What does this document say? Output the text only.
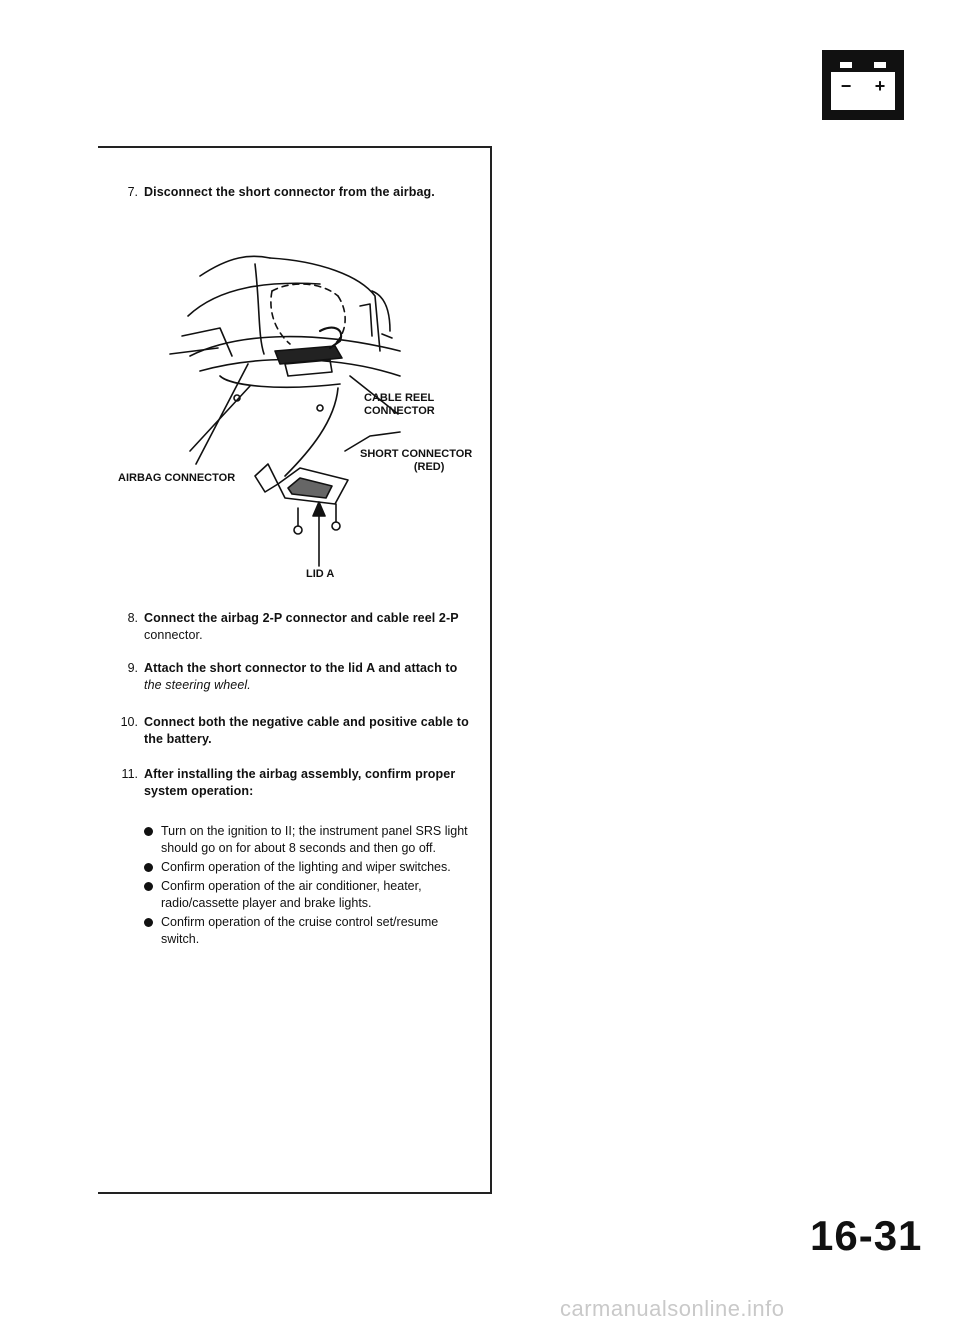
− +
7. Disconnect the short connector from the airbag.
CABLE REEL
CONNECTOR
SHORT CONNECTOR
(RED)
AIRBAG CONNECTOR
LID A
8. Connect the airbag 2-P connector and cable reel 2-P
connector.
9. Attach the short connector to the lid A and attach to
the steering wheel.
10. Connect both the negative cable and positive cable to
the battery.
11. After installing the airbag assembly, confirm proper
system operation:
Turn on the ignition to II; the instrument panel SRS light should go on for about 8 seconds and then go off.
Confirm operation of the lighting and wiper switches.
Confirm operation of the air conditioner, heater, radio/cassette player and brake lights.
Confirm operation of the cruise control set/resume switch.
16-31
carmanualsonline.info
